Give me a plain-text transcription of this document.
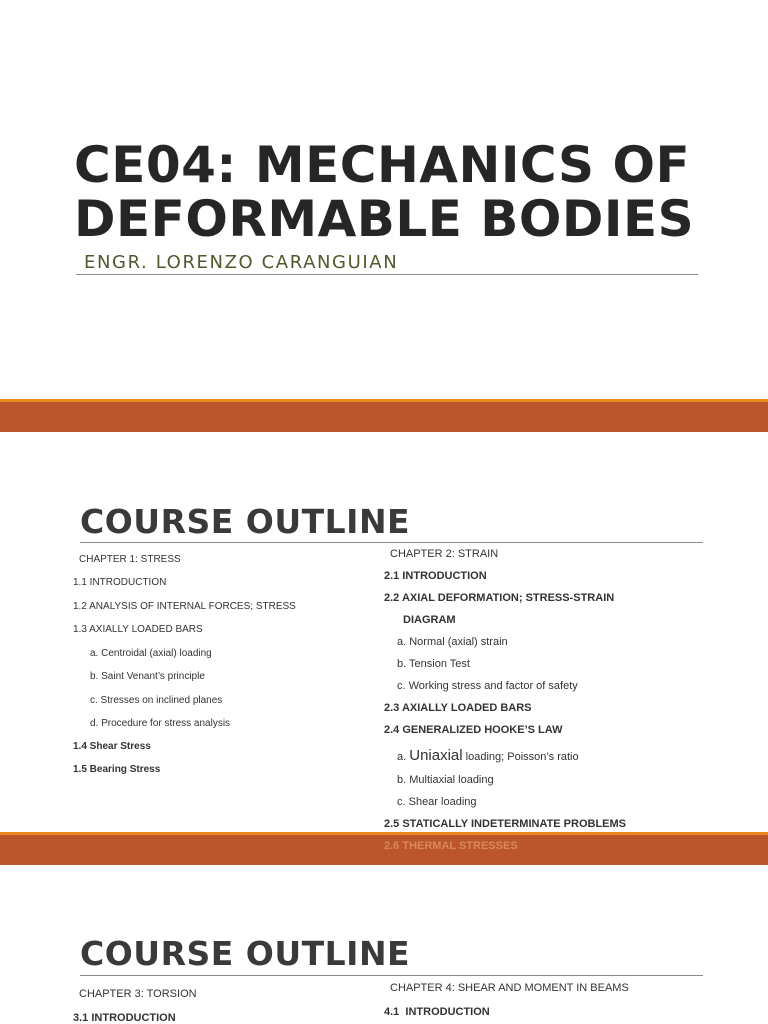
CE04: MECHANICS OF
DEFORMABLE BODIES
ENGR. LORENZO CARANGUIAN
COURSE OUTLINE
CHAPTER 1: STRESS
1.1 INTRODUCTION
1.2 ANALYSIS OF INTERNAL FORCES; STRESS
1.3 AXIALLY LOADED BARS
a. Centroidal (axial) loading
b. Saint Venant’s principle
c. Stresses on inclined planes
d. Procedure for stress analysis
1.4 Shear Stress
1.5 Bearing Stress
CHAPTER 2: STRAIN
2.1 INTRODUCTION
2.2 AXIAL DEFORMATION; STRESS-STRAIN
DIAGRAM
a. Normal (axial) strain
b. Tension Test
c. Working stress and factor of safety
2.3 AXIALLY LOADED BARS
2.4 GENERALIZED HOOKE’S LAW
a. Uniaxial loading; Poisson’s ratio
b. Multiaxial loading
c. Shear loading
2.5 STATICALLY INDETERMINATE PROBLEMS
2.6 THERMAL STRESSES
COURSE OUTLINE
CHAPTER 3: TORSION
3.1 INTRODUCTION
CHAPTER 4: SHEAR AND MOMENT IN BEAMS
4.1  INTRODUCTION
